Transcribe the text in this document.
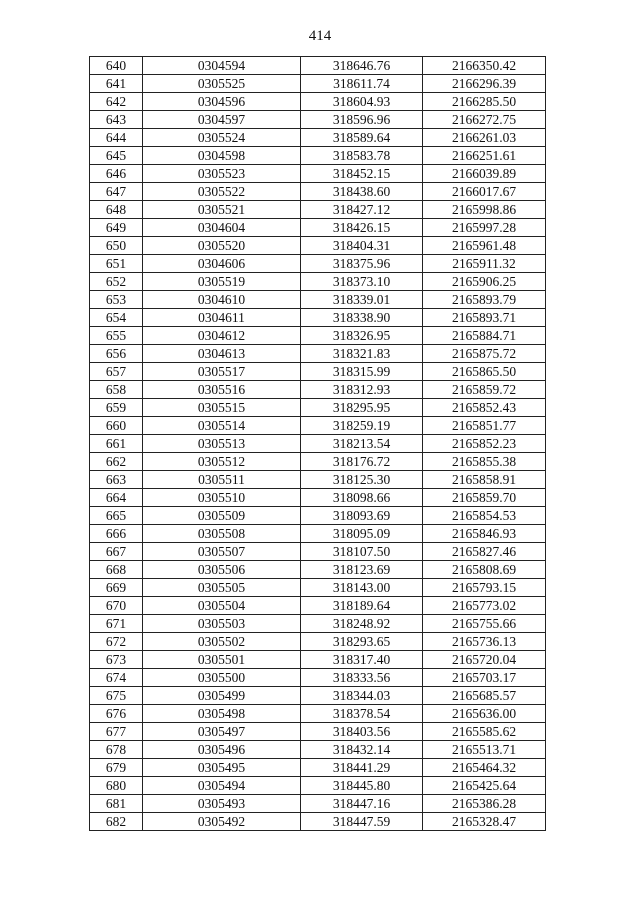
414
640	0304594	318646.76	2166350.42
641	0305525	318611.74	2166296.39
642	0304596	318604.93	2166285.50
643	0304597	318596.96	2166272.75
644	0305524	318589.64	2166261.03
645	0304598	318583.78	2166251.61
646	0305523	318452.15	2166039.89
647	0305522	318438.60	2166017.67
648	0305521	318427.12	2165998.86
649	0304604	318426.15	2165997.28
650	0305520	318404.31	2165961.48
651	0304606	318375.96	2165911.32
652	0305519	318373.10	2165906.25
653	0304610	318339.01	2165893.79
654	0304611	318338.90	2165893.71
655	0304612	318326.95	2165884.71
656	0304613	318321.83	2165875.72
657	0305517	318315.99	2165865.50
658	0305516	318312.93	2165859.72
659	0305515	318295.95	2165852.43
660	0305514	318259.19	2165851.77
661	0305513	318213.54	2165852.23
662	0305512	318176.72	2165855.38
663	0305511	318125.30	2165858.91
664	0305510	318098.66	2165859.70
665	0305509	318093.69	2165854.53
666	0305508	318095.09	2165846.93
667	0305507	318107.50	2165827.46
668	0305506	318123.69	2165808.69
669	0305505	318143.00	2165793.15
670	0305504	318189.64	2165773.02
671	0305503	318248.92	2165755.66
672	0305502	318293.65	2165736.13
673	0305501	318317.40	2165720.04
674	0305500	318333.56	2165703.17
675	0305499	318344.03	2165685.57
676	0305498	318378.54	2165636.00
677	0305497	318403.56	2165585.62
678	0305496	318432.14	2165513.71
679	0305495	318441.29	2165464.32
680	0305494	318445.80	2165425.64
681	0305493	318447.16	2165386.28
682	0305492	318447.59	2165328.47
